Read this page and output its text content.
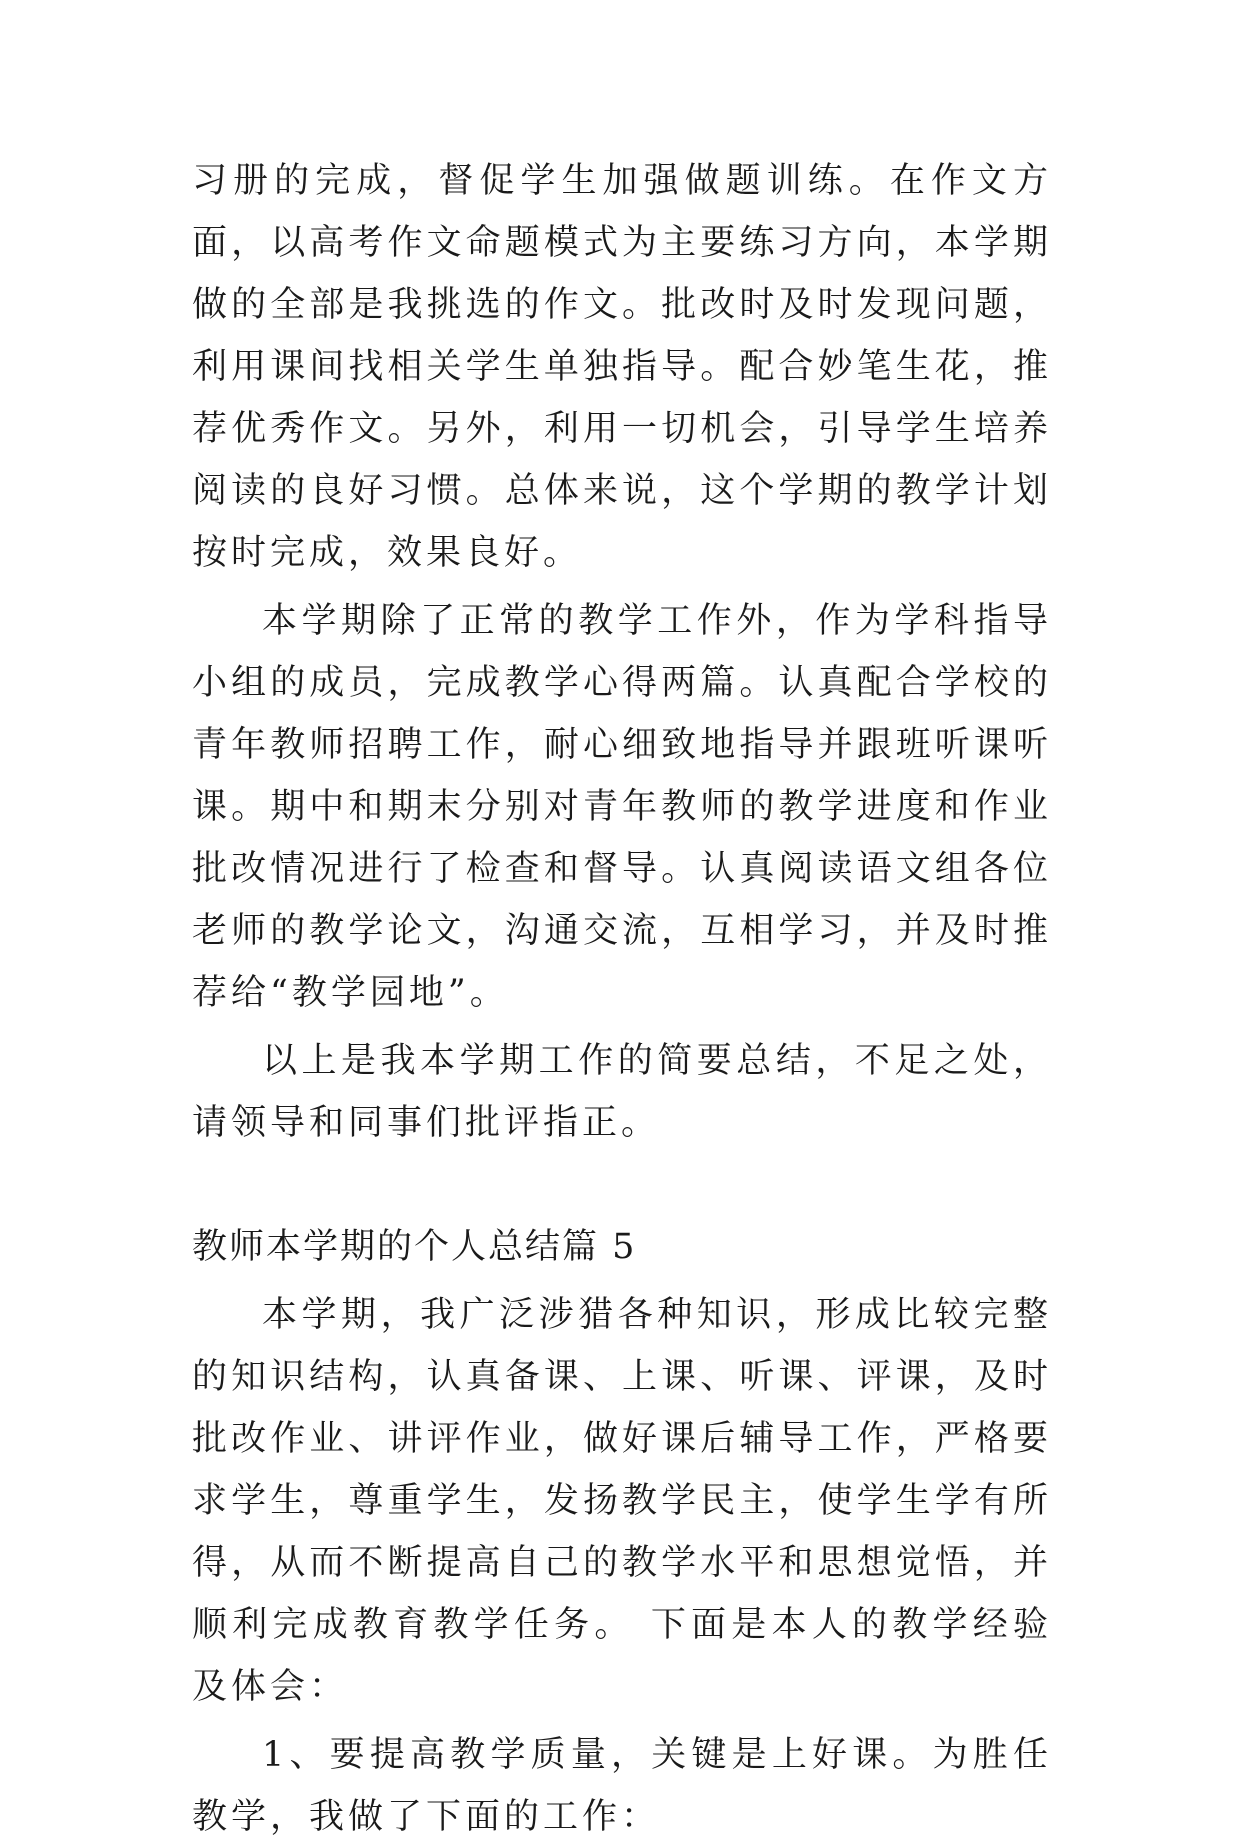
习册的完成，督促学生加强做题训练。在作文方面，以高考作文命题模式为主要练习方向，本学期做的全部是我挑选的作文。批改时及时发现问题，利用课间找相关学生单独指导。配合妙笔生花，推荐优秀作文。另外，利用一切机会，引导学生培养阅读的良好习惯。总体来说，这个学期的教学计划按时完成，效果良好。

本学期除了正常的教学工作外，作为学科指导小组的成员，完成教学心得两篇。认真配合学校的青年教师招聘工作，耐心细致地指导并跟班听课听课。期中和期末分别对青年教师的教学进度和作业批改情况进行了检查和督导。认真阅读语文组各位老师的教学论文，沟通交流，互相学习，并及时推荐给“教学园地”。

以上是我本学期工作的简要总结，不足之处，请领导和同事们批评指正。

教师本学期的个人总结篇 5

本学期，我广泛涉猎各种知识，形成比较完整的知识结构，认真备课、上课、听课、评课，及时批改作业、讲评作业，做好课后辅导工作，严格要求学生，尊重学生，发扬教学民主，使学生学有所得，从而不断提高自己的教学水平和思想觉悟，并顺利完成教育教学任务。 下面是本人的教学经验及体会：

1、要提高教学质量，关键是上好课。为胜任教学，我做了下面的工作：
